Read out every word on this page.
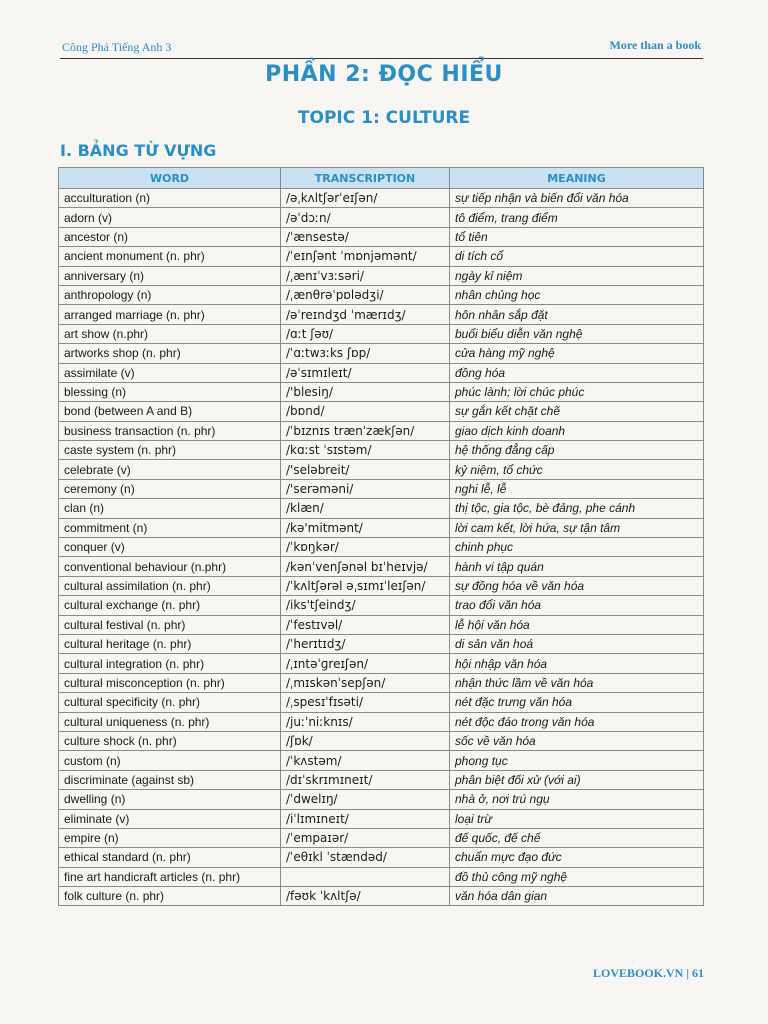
Công Phá Tiếng Anh 3	More than a book
PHẦN 2: ĐỌC HIỂU
TOPIC 1: CULTURE
I. BẢNG TỪ VỰNG
WORD	TRANSCRIPTION	MEANING
acculturation (n)	/əˌkʌltʃərˈeɪʃən/	sự tiếp nhận và biến đổi văn hóa
adorn (v)	/əˈdɔːn/	tô điểm, trang điểm
ancestor (n)	/ˈænsestə/	tổ tiên
ancient monument (n. phr)	/ˈeɪnʃənt ˈmɒnjəmənt/	di tích cổ
anniversary (n)	/ˌænɪˈvɜːsəri/	ngày kỉ niệm
anthropology (n)	/ˌænθrəˈpɒlədʒi/	nhân chủng học
arranged marriage (n. phr)	/əˈreɪndʒd ˈmærɪdʒ/	hôn nhân sắp đặt
art show (n.phr)	/ɑːt ʃəʊ/	buổi biểu diễn văn nghệ
artworks shop (n. phr)	/ˈɑːtwɜːks ʃɒp/	cửa hàng mỹ nghệ
assimilate (v)	/əˈsɪmɪleɪt/	đồng hóa
blessing (n)	/'blesiŋ/	phúc lành; lời chúc phúc
bond (between A and B)	/bɒnd/	sự gắn kết chặt chẽ
business transaction (n. phr)	/ˈbɪznɪs trænˈzækʃən/	giao dịch kinh doanh
caste system (n. phr)	/kɑːst ˈsɪstəm/	hệ thống đẳng cấp
celebrate (v)	/'seləbreit/	kỷ niệm, tổ chức
ceremony (n)	/'serəməni/	nghi lễ, lễ
clan (n)	/klæn/	thị tộc, gia tộc, bè đảng, phe cánh
commitment (n)	/kə'mitmənt/	lời cam kết, lời hứa, sự tận tâm
conquer (v)	/ˈkɒŋkər/	chinh phục
conventional behaviour (n.phr)	/kənˈvenʃənəl bɪˈheɪvjə/	hành vi tập quán
cultural assimilation (n. phr)	/ˈkʌltʃərəl əˌsɪmɪˈleɪʃən/	sự đồng hóa về văn hóa
cultural exchange (n. phr)	/iks'tʃeindʒ/	trao đổi văn hóa
cultural festival (n. phr)	/ˈfestɪvəl/	lễ hội văn hóa
cultural heritage (n. phr)	/ˈherɪtɪdʒ/	di sản văn hoá
cultural integration (n. phr)	/ˌɪntəˈɡreɪʃən/	hội nhập văn hóa
cultural misconception (n. phr)	/ˌmɪskənˈsepʃən/	nhận thức lầm về văn hóa
cultural specificity (n. phr)	/ˌspesɪˈfɪsəti/	nét đặc trưng văn hóa
cultural uniqueness (n. phr)	/juːˈniːknɪs/	nét độc đáo trong văn hóa
culture shock (n. phr)	/ʃɒk/	sốc về văn hóa
custom (n)	/ˈkʌstəm/	phong tục
discriminate (against sb)	/dɪˈskrɪmɪneɪt/	phân biệt đối xử (với ai)
dwelling (n)	/ˈdwelɪŋ/	nhà ở, nơi trú ngụ
eliminate (v)	/iˈlɪmɪneɪt/	loại trừ
empire (n)	/ˈempaɪər/	đế quốc, đế chế
ethical standard (n. phr)	/ˈeθɪkl ˈstændəd/	chuẩn mực đạo đức
fine art handicraft articles (n. phr)		đồ thủ công mỹ nghệ
folk culture (n. phr)	/fəʊk ˈkʌltʃə/	văn hóa dân gian
LOVEBOOK.VN | 61
